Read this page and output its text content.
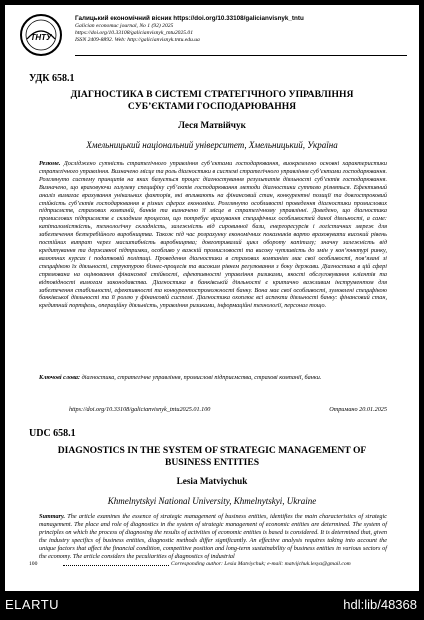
ТНТУ
Галицький економічний вісник https://doi.org/10.33108/galicianvisnyk_tntu
Galician economuc journal, No 1 (92) 2025
https://doi.org/10.33108/galicianvisnyk_tntu2025.01
ISSN 2409-8892. Web: http://galicianvisnyk.tntu.edu.ua
УДК 658.1
ДІАГНОСТИКА В СИСТЕМІ СТРАТЕГІЧНОГО УПРАВЛІННЯ
СУБ’ЄКТАМИ ГОСПОДАРЮВАННЯ
Леся Матвійчук
Хмельницький національний університет, Хмельницький, Україна
Резюме. Досліджено сутність стратегічного управління суб’єктами господарювання, виокремлено основні характеристики стратегічного управління. Визначено місце та роль діагностики в системі стратегічного управління суб’єктами господарювання. Розглянуто систему принципів на яких базується процес діагностування результатів діяльності суб’єктів господарювання. Визначено, що враховуючи галузеву специфіку суб’єктів господарювання методи діагностики суттєво різняться. Ефективний аналіз вимагає врахування унікальних факторів, які впливають на фінансовий стан, конкурентні позиції та довгостроковий стійкість суб’єктів господарювання в різних сферах економіки. Розглянуто особливості проведення діагностики промислових підприємств, страхових компаній, банків та визначено її місце в стратегічному управлінні. Доведено, що діагностика промислових підприємств є складним процесом, що потребує врахування специфічних особливостей даної діяльності, а саме: капіталомісткість, технологічну складність, залежність від сировинної бази, енергоресурсів і логістичних мереж для забезпечення безперебійного виробництва. Також під час розрахунку економічних показників варто враховувати високий рівень постійних витрат через масштабність виробництва; довготривалий цикл обороту капіталу; значну залежність від кредитування та державної підтримки, особливо у важкій промисловості та високу чутливість до змін у кон’юнктурі ринку, валютних курсах і податковій політиці. Проведення діагностики в страхових компаніях має свої особливості, пов’язані зі специфікою їх діяльності, структурою бізнес-процесів та високим рівнем регулювання з боку держави. Діагностика в цій сфері спрямована на оцінювання фінансової стійкості, ефективності управління ризиками, якості обслуговування клієнтів та відповідності вимогам законодавства. Діагностика в банківській діяльності є критично важливим інструментом для забезпечення стабільності, ефективності та конкурентоспроможності банку. Вона має свої особливості, зумовлені специфікою банківської діяльності та її роллю у фінансовій системі. Діагностика охоплює всі аспекти діяльності банку: фінансовий стан, кредитний портфель, операційну діяльність, управління ризиками, інформаційні технології, персонал тощо.
Ключові слова: діагностика, стратегічне управління, промислові підприємства, страхові компанії, банки.
https://doi.org/10.33108/galicianvisnyk_tntu2025.01.100	Отримано 20.01.2025
UDC 658.1
DIAGNOSTICS IN THE SYSTEM OF STRATEGIC MANAGEMENT OF
BUSINESS ENTITIES
Lesia Matviychuk
Khmelnytskyi National University, Khmelnytskyi, Ukraine
Summary. The article examines the essence of strategic management of business entities, identifies the main characteristics of strategic management. The place and role of diagnostics in the system of strategic management of economic entities are determined. The system of principles on which the process of diagnosing the results of activities of economic entities is based is considered. It is determined that, given the industry specifics of business entities, diagnostic methods differ significantly. An effective analysis requires taking into account the unique factors that affect the financial condition, competitive position and long-term sustainability of business entities in various sectors of the economy. The article considers the peculiarities of diagnostics of industrial
100	Corresponding author: Lesia Matviychuk; e-mail: matvijchuk.lesya@gmail.com
ELARTU	hdl:lib/48368
